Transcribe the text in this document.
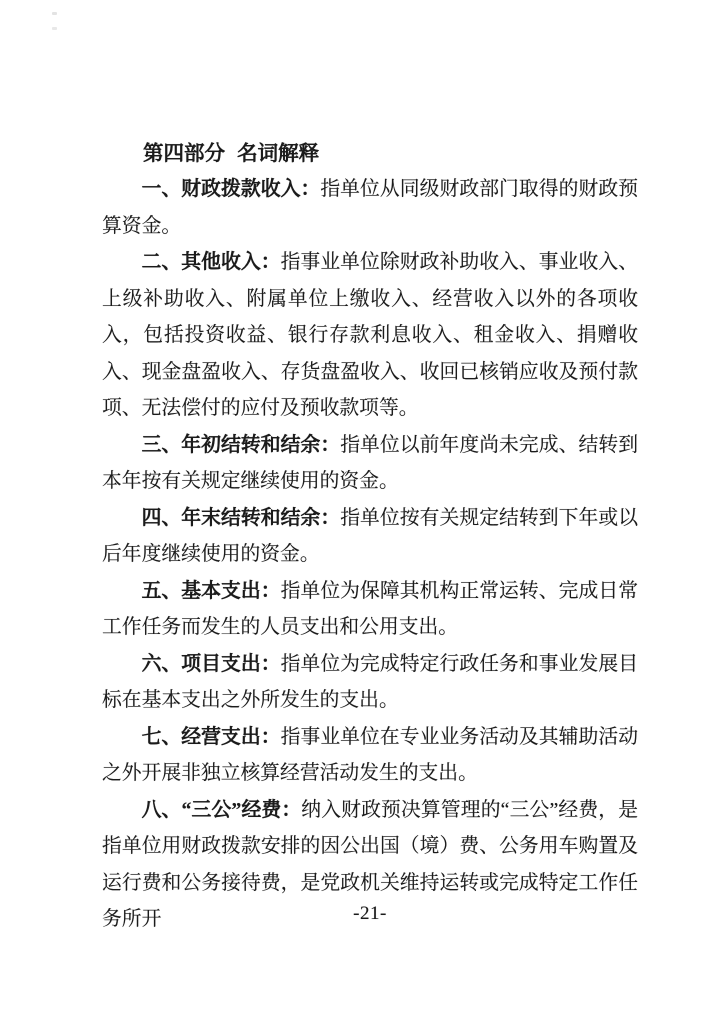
第四部分 名词解释

一、财政拨款收入：指单位从同级财政部门取得的财政预算资金。

二、其他收入：指事业单位除财政补助收入、事业收入、上级补助收入、附属单位上缴收入、经营收入以外的各项收入，包括投资收益、银行存款利息收入、租金收入、捐赠收入、现金盘盈收入、存货盘盈收入、收回已核销应收及预付款项、无法偿付的应付及预收款项等。

三、年初结转和结余：指单位以前年度尚未完成、结转到本年按有关规定继续使用的资金。

四、年末结转和结余：指单位按有关规定结转到下年或以后年度继续使用的资金。

五、基本支出：指单位为保障其机构正常运转、完成日常工作任务而发生的人员支出和公用支出。

六、项目支出：指单位为完成特定行政任务和事业发展目标在基本支出之外所发生的支出。

七、经营支出：指事业单位在专业业务活动及其辅助活动之外开展非独立核算经营活动发生的支出。

八、“三公”经费：纳入财政预决算管理的“三公”经费，是指单位用财政拨款安排的因公出国（境）费、公务用车购置及运行费和公务接待费，是党政机关维持运转或完成特定工作任务所开	-21-
